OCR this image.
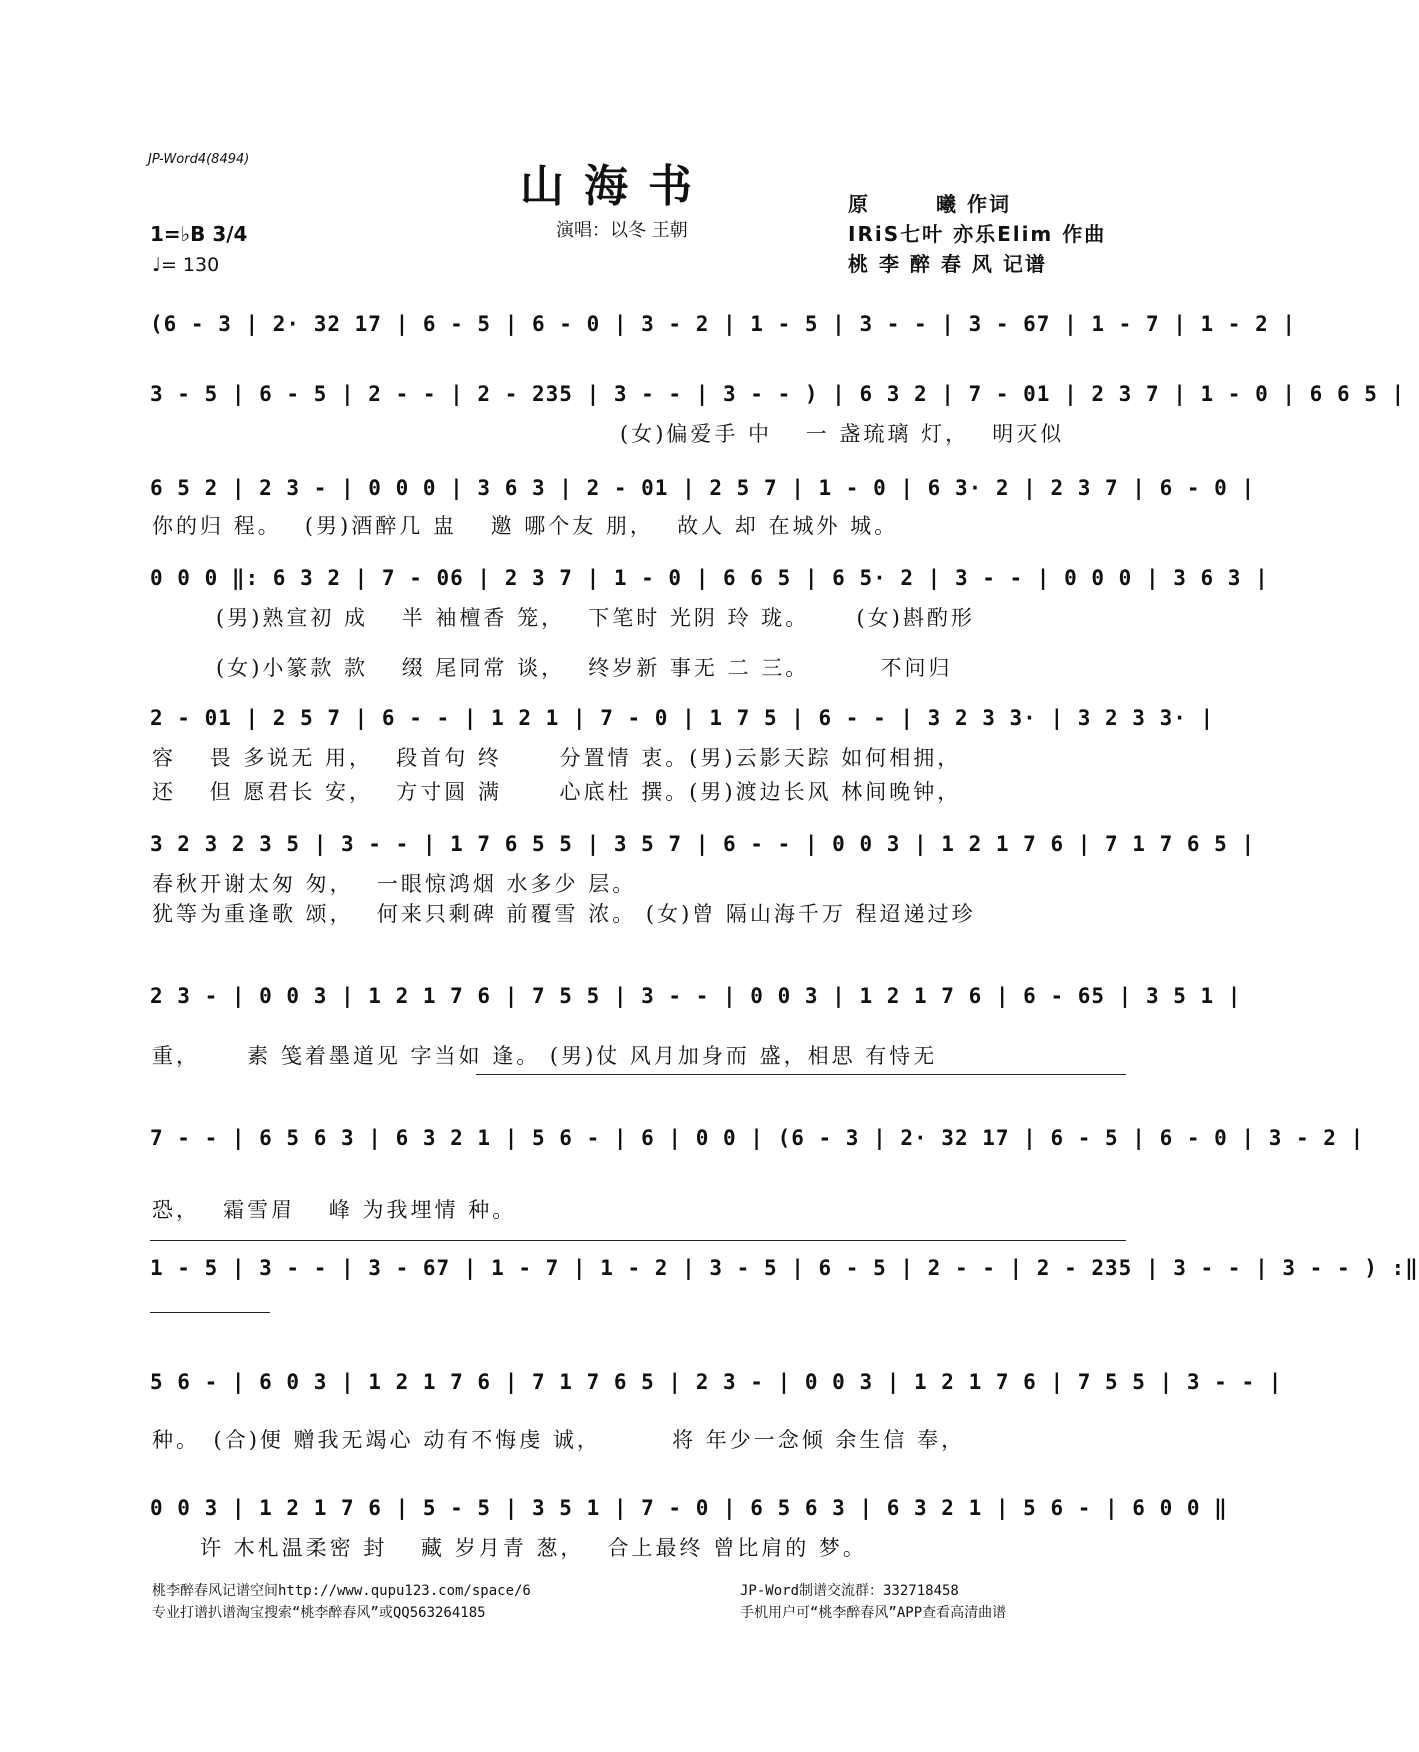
JP-Word4(8494)
山海书
演唱：以冬 王朝
1=♭B 3/4
♩= 130
原　　　曦 作词
IRiS七叶 亦乐Elim 作曲
桃 李 醉 春 风 记谱
(6 - 3 | 2· 32 17 | 6 - 5 | 6 - 0 | 3 - 2 | 1 - 5 | 3 - - | 3 - 67 | 1 - 7 | 1 - 2 |
3 - 5 | 6 - 5 | 2 - - | 2 - 235 | 3 - - | 3 - - ) | 6 3 2 | 7 - 01 | 2 3 7 | 1 - 0 | 6 6 5 |
(女)偏爱手 中　 一 盏琉璃 灯，　 明灭似
6 5 2 | 2 3 - | 0 0 0 | 3 6 3 | 2 - 01 | 2 5 7 | 1 - 0 | 6 3· 2 | 2 3 7 | 6 - 0 |
你的归 程。　 (男)酒醉几 盅　 邀 哪个友 朋，　 故人 却 在城外 城。
0 0 0 ‖: 6 3 2 | 7 - 06 | 2 3 7 | 1 - 0 | 6 6 5 | 6 5· 2 | 3 - - | 0 0 0 | 3 6 3 |
(男)熟宣初 成　 半 袖檀香 笼，　 下笔时 光阴 玲 珑。　　 (女)斟酌形
(女)小篆款 款　 缀 尾同常 谈，　 终岁新 事无 二 三。　　　 不问归
2 - 01 | 2 5 7 | 6 - - | 1 2 1 | 7 - 0 | 1 7 5 | 6 - - | 3 2 3 3· | 3 2 3 3· |
容　 畏 多说无 用，　 段首句 终　　 分置情 衷。(男)云影天踪 如何相拥，
还　 但 愿君长 安，　 方寸圆 满　　 心底杜 撰。(男)渡边长风 林间晚钟，
3 2 3 2 3 5 | 3 - - | 1 7 6 5 5 | 3 5 7 | 6 - - | 0 0 3 | 1 2 1 7 6 | 7 1 7 6 5 |
春秋开谢太匆 匆，　 一眼惊鸿烟 水多少 层。
犹等为重逢歌 颂，　 何来只剩碑 前覆雪 浓。 (女)曾 隔山海千万 程迢递过珍
2 3 - | 0 0 3 | 1 2 1 7 6 | 7 5 5 | 3 - - | 0 0 3 | 1 2 1 7 6 | 6 - 65 | 3 5 1 |
重，　　 素 笺着墨道见 字当如 逢。 (男)仗 风月加身而 盛，相思 有恃无
7 - - | 6 5 6 3 | 6 3 2 1 | 5 6 - | 6 | 0 0 | (6 - 3 | 2· 32 17 | 6 - 5 | 6 - 0 | 3 - 2 |
恐，　 霜雪眉　 峰 为我埋情 种。
1 - 5 | 3 - - | 3 - 67 | 1 - 7 | 1 - 2 | 3 - 5 | 6 - 5 | 2 - - | 2 - 235 | 3 - - | 3 - - ) :‖
5 6 - | 6 0 3 | 1 2 1 7 6 | 7 1 7 6 5 | 2 3 - | 0 0 3 | 1 2 1 7 6 | 7 5 5 | 3 - - |
种。　(合)便 赠我无竭心 动有不悔虔 诚，　　　 将 年少一念倾 余生信 奉，
0 0 3 | 1 2 1 7 6 | 5 - 5 | 3 5 1 | 7 - 0 | 6 5 6 3 | 6 3 2 1 | 5 6 - | 6 0 0 ‖
许 木札温柔密 封　 藏 岁月青 葱，　 合上最终 曾比肩的 梦。
桃李醉春风记谱空间http://www.qupu123.com/space/6
专业打谱扒谱淘宝搜索“桃李醉春风”或QQ563264185
JP-Word制谱交流群：332718458
手机用户可“桃李醉春风”APP查看高清曲谱
